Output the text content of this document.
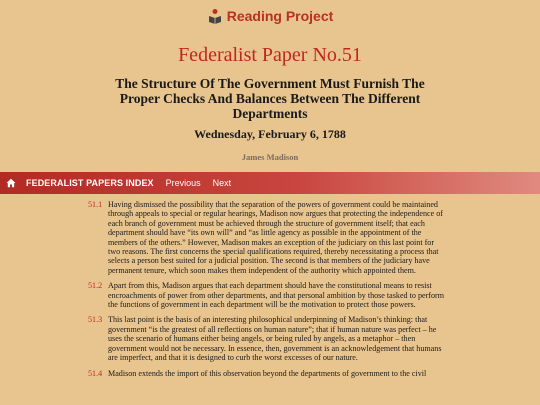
Reading Project
Federalist Paper No.51
The Structure Of The Government Must Furnish The Proper Checks And Balances Between The Different Departments
Wednesday, February 6, 1788
James Madison
FEDERALIST PAPERS INDEX Previous Next
51.1 Having dismissed the possibility that the separation of the powers of government could be maintained through appeals to special or regular hearings, Madison now argues that protecting the independence of each branch of government must be achieved through the structure of government itself; that each department should have “its own will” and “as little agency as possible in the appointment of the members of the others.” However, Madison makes an exception of the judiciary on this last point for two reasons. The first concerns the special qualifications required, thereby necessitating a process that selects a person best suited for a judicial position. The second is that members of the judiciary have permanent tenure, which soon makes them independent of the authority which appointed them.
51.2 Apart from this, Madison argues that each department should have the constitutional means to resist encroachments of power from other departments, and that personal ambition by those tasked to perform the functions of government in each department will be the motivation to protect those powers.
51.3 This last point is the basis of an interesting philosophical underpinning of Madison’s thinking: that government “is the greatest of all reflections on human nature”; that if human nature was perfect – he uses the scenario of humans either being angels, or being ruled by angels, as a metaphor – then government would not be necessary. In essence, then, government is an acknowledgement that humans are imperfect, and that it is designed to curb the worst excesses of our nature.
51.4 Madison extends the import of this observation beyond the departments of government to the civil
